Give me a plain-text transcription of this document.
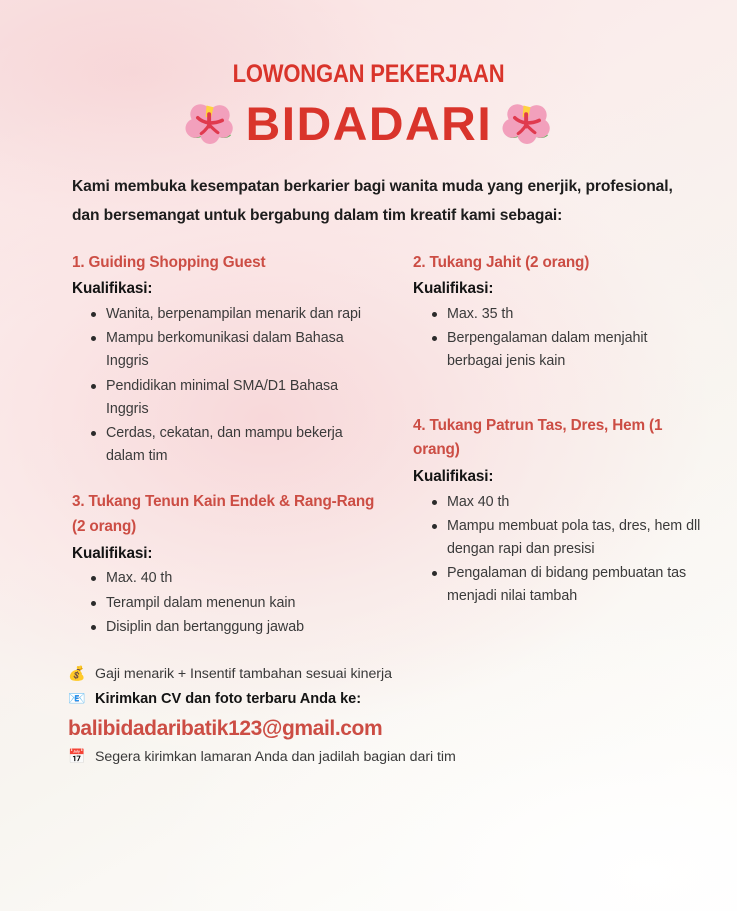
LOWONGAN PEKERJAAN
BIDADARI

Kami membuka kesempatan berkarier bagi wanita muda yang enerjik, profesional, dan bersemangat untuk bergabung dalam tim kreatif kami sebagai:

1. Guiding Shopping Guest
Kualifikasi:
Wanita, berpenampilan menarik dan rapi
Mampu berkomunikasi dalam Bahasa Inggris
Pendidikan minimal SMA/D1 Bahasa Inggris
Cerdas, cekatan, dan mampu bekerja dalam tim
3. Tukang Tenun Kain Endek & Rang-Rang (2 orang)
Kualifikasi:
Max. 40 th
Terampil dalam menenun kain
Disiplin dan bertanggung jawab
2. Tukang Jahit (2 orang)
Kualifikasi:
Max. 35 th
Berpengalaman dalam menjahit berbagai jenis kain
4. Tukang Patrun Tas, Dres, Hem (1 orang)
Kualifikasi:
Max 40 th
Mampu membuat pola tas, dres, hem dll dengan rapi dan presisi
Pengalaman di bidang pembuatan tas menjadi nilai tambah
💰 Gaji menarik + Insentif tambahan sesuai kinerja
📧 Kirimkan CV dan foto terbaru Anda ke:
balibidadaribatik123@gmail.com
📅 Segera kirimkan lamaran Anda dan jadilah bagian dari tim
